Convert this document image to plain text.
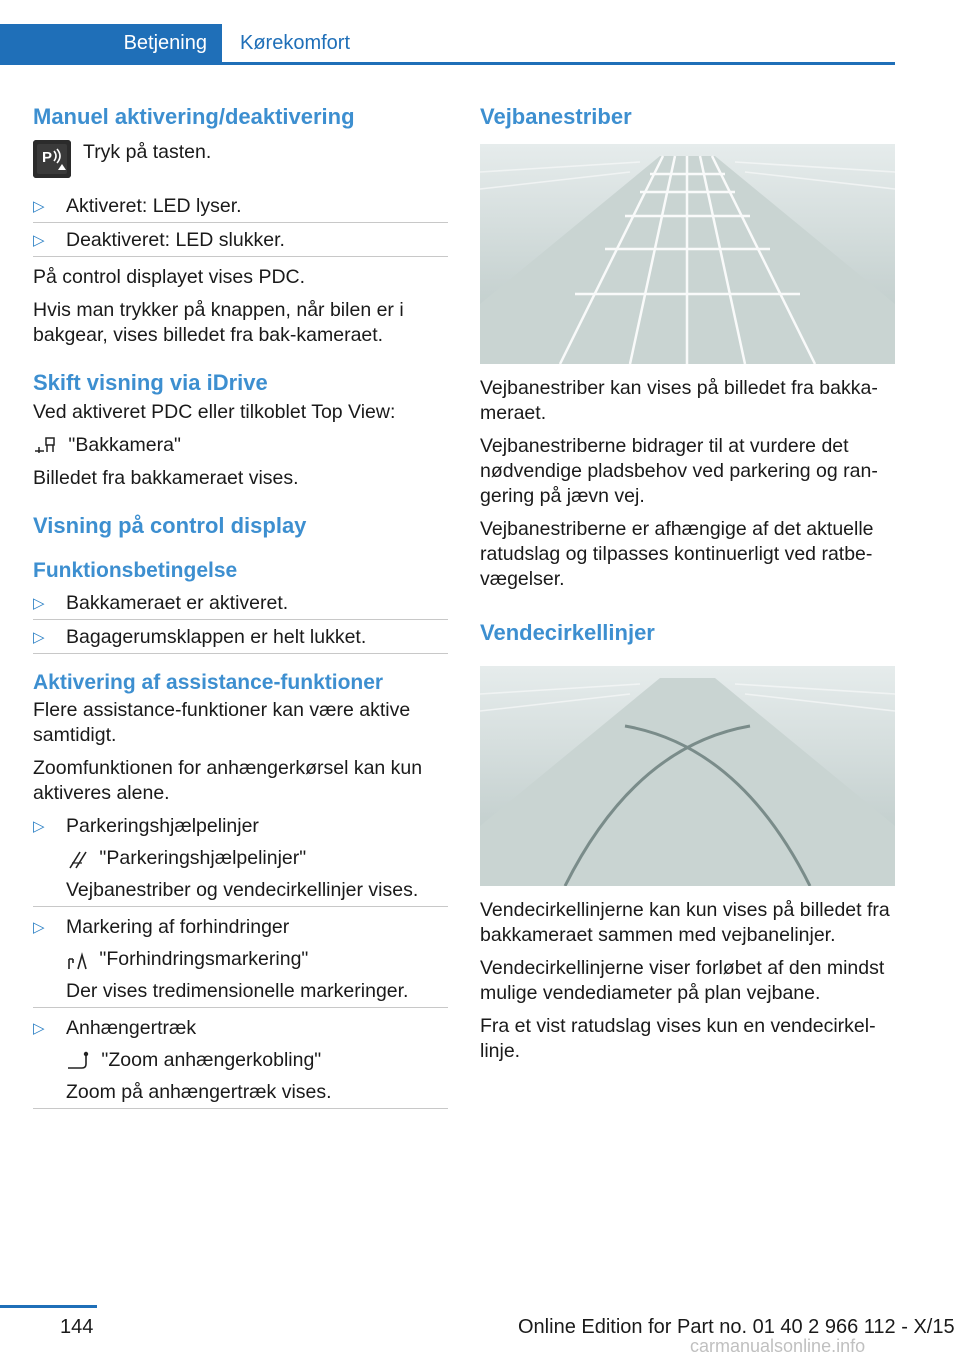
Betjening	Kørekomfort
Manuel aktivering/deaktivering
P Tryk på tasten.

▷ Aktiveret: LED lyser.
▷ Deaktiveret: LED slukker.

På control displayet vises PDC.

Hvis man trykker på knappen, når bilen er i bakgear, vises billedet fra bak-kameraet.

Skift visning via iDrive

Ved aktiveret PDC eller tilkoblet Top View:

"Bakkamera"

Billedet fra bakkameraet vises.

Visning på control display
Funktionsbetingelse
▷ Bakkameraet er aktiveret.
▷ Bagagerumsklappen er helt lukket.
Aktivering af assistance-funktioner

Flere assistance-funktioner kan være aktive samtidigt.

Zoomfunktionen for anhængerkørsel kan kun aktiveres alene.

▷ Parkeringshjælpelinjer
"Parkeringshjælpelinjer"
Vejbanestriber og vendecirkellinjer vises.
▷ Markering af forhindringer
"Forhindringsmarkering"
Der vises tredimensionelle markeringer.
▷ Anhængertræk
"Zoom anhængerkobling"
Zoom på anhængertræk vises.
Vejbanestriber

Vejbanestriber kan vises på billedet fra bakkameraet.

Vejbanestriberne bidrager til at vurdere det nødvendige pladsbehov ved parkering og rangering på jævn vej.

Vejbanestriberne er afhængige af det aktuelle ratudslag og tilpasses kontinuerligt ved ratbevægelser.

Vendecirkellinjer

Vendecirkellinjerne kan kun vises på billedet fra bakkameraet sammen med vejbanelinjer.

Vendecirkellinjerne viser forløbet af den mindst mulige vendediameter på plan vejbane.

Fra et vist ratudslag vises kun en vendecirkellinje.

144	Online Edition for Part no. 01 40 2 966 112 - X/15
carmanualsonline.info
